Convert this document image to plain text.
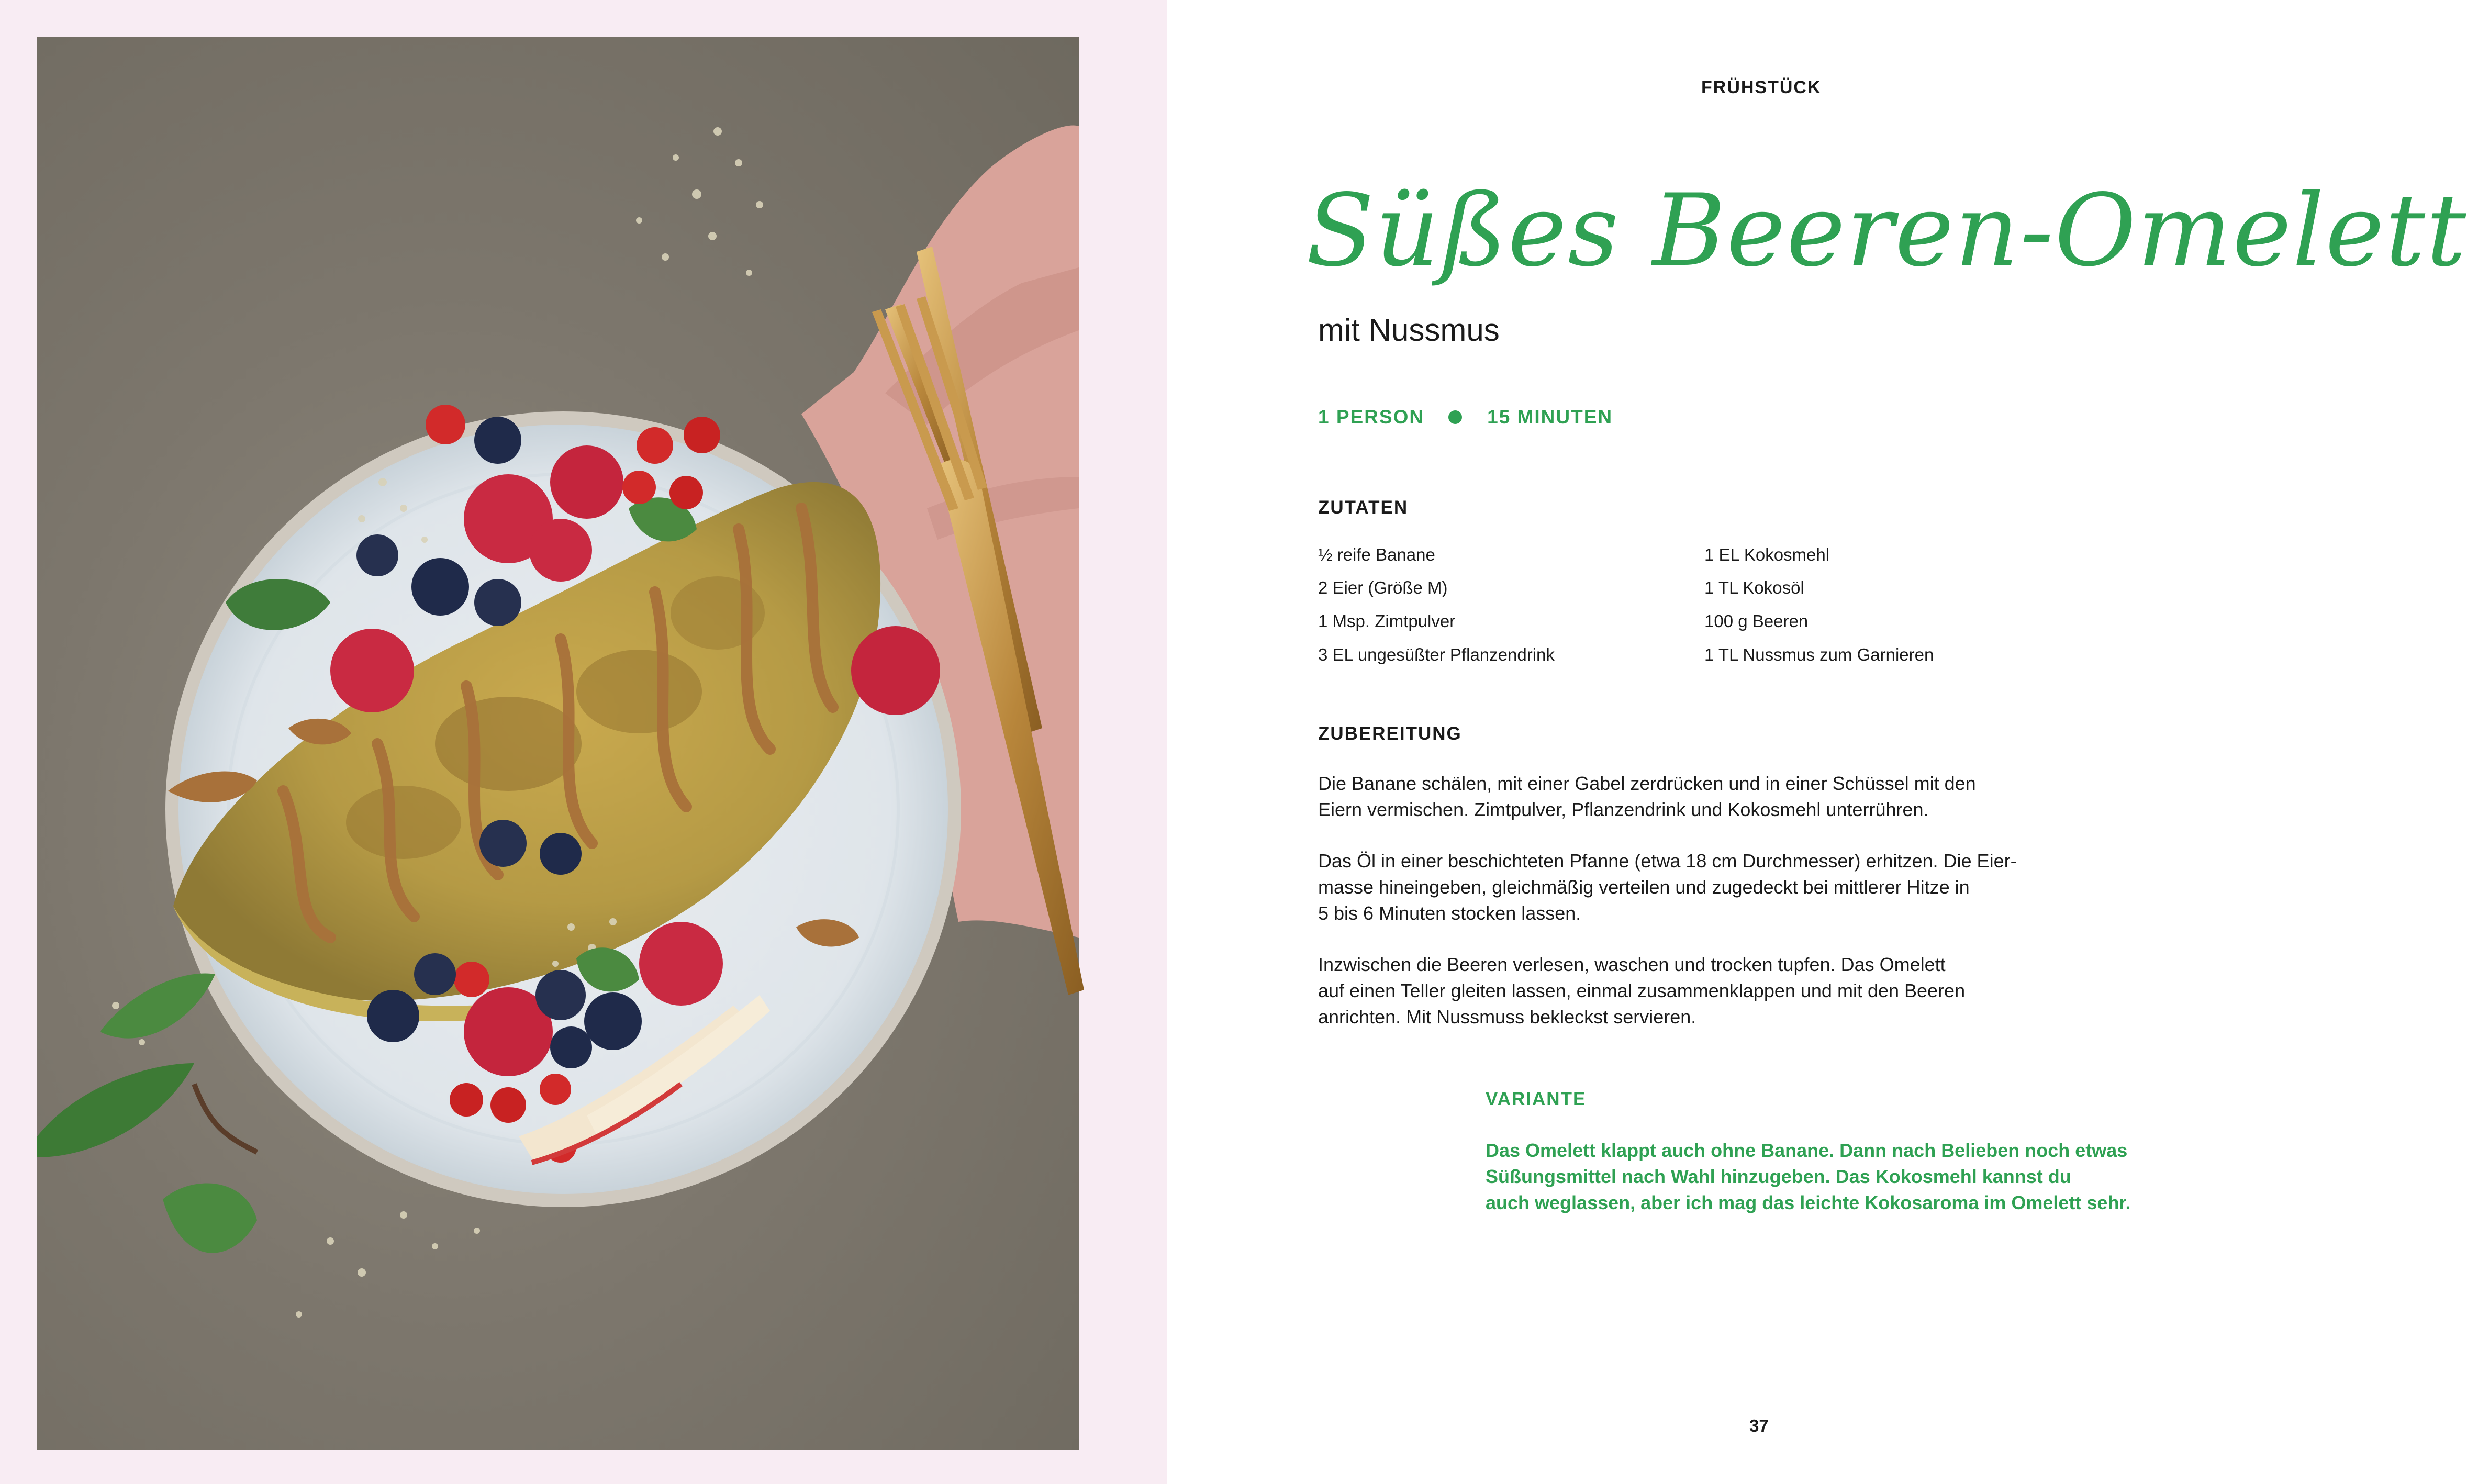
FRÜHSTÜCK
Süßes Beeren-Omelett
mit Nussmus
1 PERSON	15 MINUTEN
ZUTATEN
½ reife Banane
2 Eier (Größe M)
1 Msp. Zimtpulver
3 EL ungesüßter Pflanzendrink
1 EL Kokosmehl
1 TL Kokosöl
100 g Beeren
1 TL Nussmus zum Garnieren
ZUBEREITUNG
Die Banane schälen, mit einer Gabel zerdrücken und in einer Schüssel mit den
Eiern vermischen. Zimtpulver, Pflanzendrink und Kokosmehl unterrühren.
Das Öl in einer beschichteten Pfanne (etwa 18 cm Durchmesser) erhitzen. Die Eier-
masse hineingeben, gleichmäßig verteilen und zugedeckt bei mittlerer Hitze in
5 bis 6 Minuten stocken lassen.
Inzwischen die Beeren verlesen, waschen und trocken tupfen. Das Omelett
auf einen Teller gleiten lassen, einmal zusammenklappen und mit den Beeren
anrichten. Mit Nussmuss bekleckst servieren.
VARIANTE
Das Omelett klappt auch ohne Banane. Dann nach Belieben noch etwas
Süßungsmittel nach Wahl hinzugeben. Das Kokosmehl kannst du
auch weglassen, aber ich mag das leichte Kokosaroma im Omelett sehr.
37
